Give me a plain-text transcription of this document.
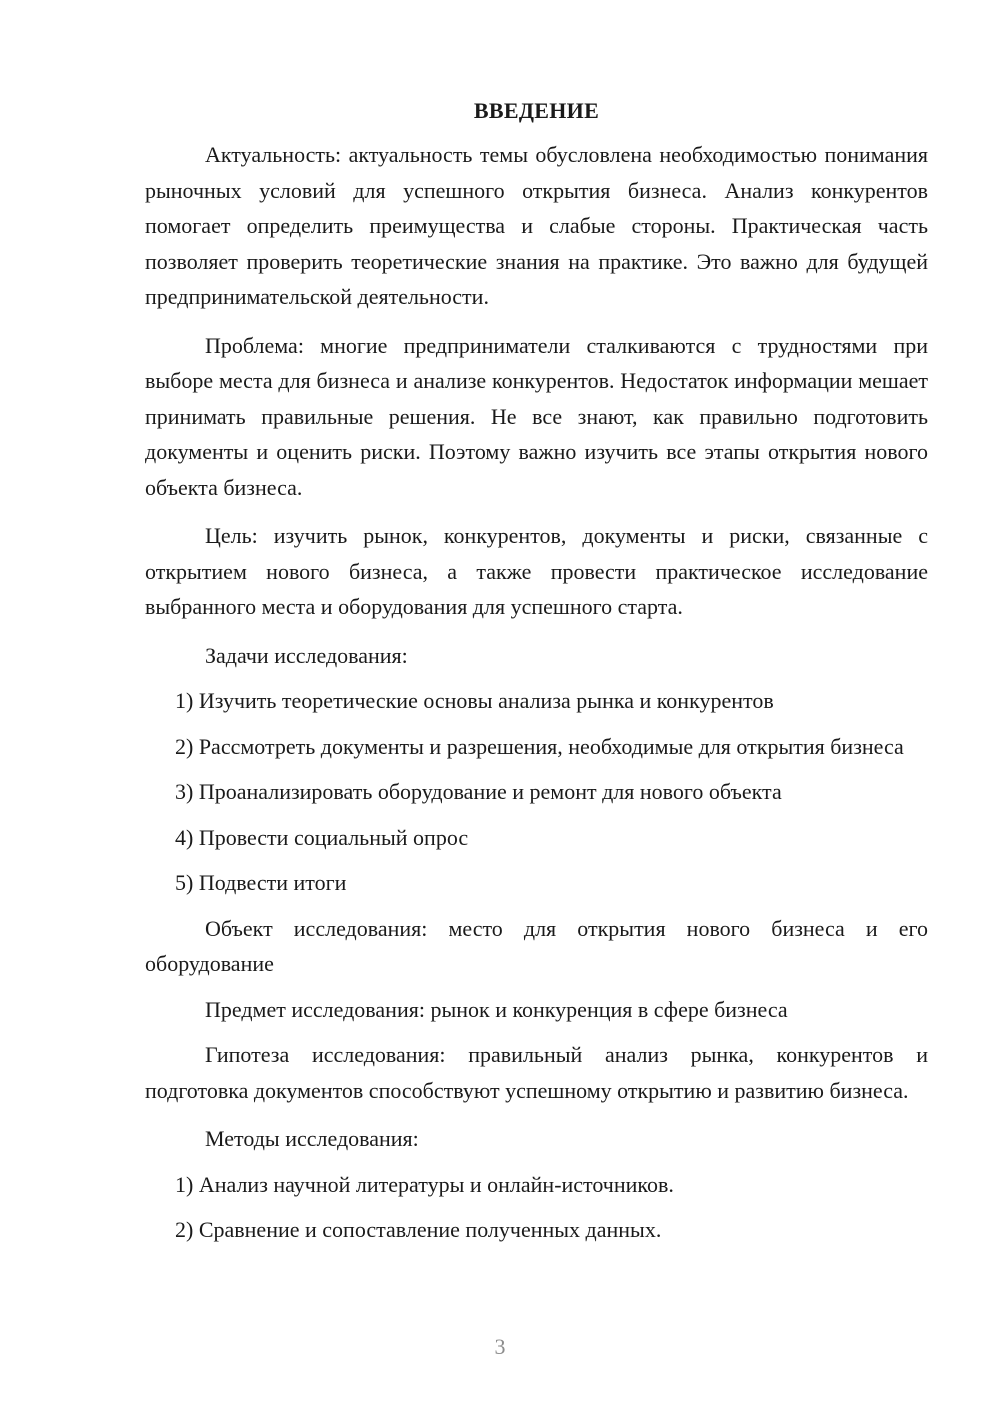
ВВЕДЕНИЕ

Актуальность: актуальность темы обусловлена необходимостью понимания рыночных условий для успешного открытия бизнеса. Анализ конкурентов помогает определить преимущества и слабые стороны. Практическая часть позволяет проверить теоретические знания на практике. Это важно для будущей предпринимательской деятельности.

Проблема: многие предприниматели сталкиваются с трудностями при выборе места для бизнеса и анализе конкурентов. Недостаток информации мешает принимать правильные решения. Не все знают, как правильно подготовить документы и оценить риски. Поэтому важно изучить все этапы открытия нового объекта бизнеса.

Цель: изучить рынок, конкурентов, документы и риски, связанные с открытием нового бизнеса, а также провести практическое исследование выбранного места и оборудования для успешного старта.

Задачи исследования:

1) Изучить теоретические основы анализа рынка и конкурентов

2) Рассмотреть документы и разрешения, необходимые для открытия бизнеса

3) Проанализировать оборудование и ремонт для нового объекта

4) Провести социальный опрос

5) Подвести итоги

Объект исследования: место для открытия нового бизнеса и его оборудование

Предмет исследования: рынок и конкуренция в сфере бизнеса

Гипотеза исследования: правильный анализ рынка, конкурентов и подготовка документов способствуют успешному открытию и развитию бизнеса.

Методы исследования:

1) Анализ научной литературы и онлайн-источников.

2) Сравнение и сопоставление полученных данных.

3
